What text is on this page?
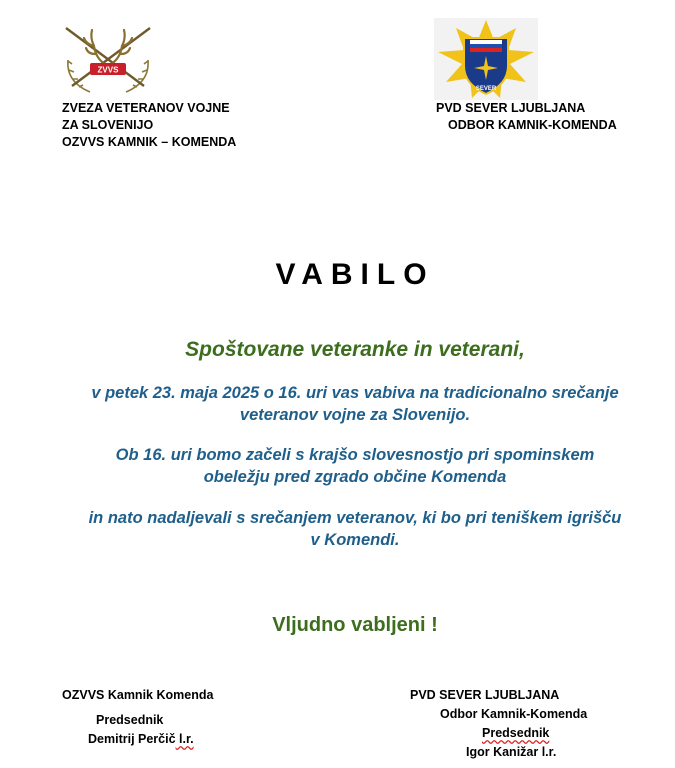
ZVVS
ZVEZA VETERANOV VOJNE
ZA SLOVENIJO
OZVVS KAMNIK – KOMENDA
SEVER
PVD SEVER LJUBLJANA
ODBOR KAMNIK-KOMENDA
VABILO
Spoštovane veteranke in veterani,
v petek 23. maja 2025 o 16. uri vas vabiva na tradicionalno srečanje
veteranov vojne za Slovenijo.
Ob 16. uri bomo začeli s krajšo slovesnostjo pri spominskem
obeležju pred zgrado občine Komenda
in nato nadaljevali s srečanjem veteranov, ki bo pri teniškem igrišču
v Komendi.
Vljudno vabljeni !
OZVVS Kamnik Komenda
Predsednik
Demitrij Perčič l.r.
PVD SEVER LJUBLJANA
Odbor Kamnik-Komenda
Predsednik
Igor Kanižar l.r.
